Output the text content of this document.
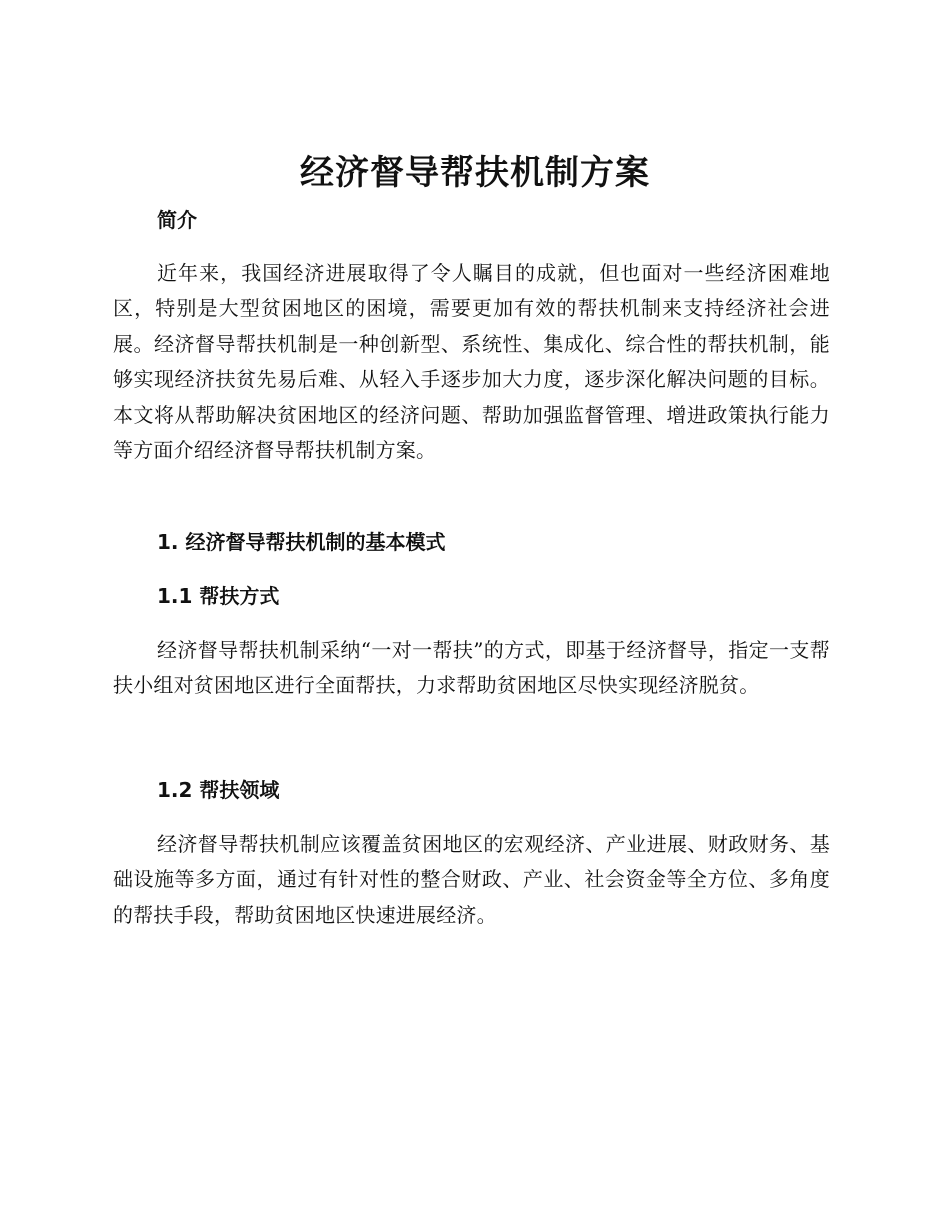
经济督导帮扶机制方案
简介

近年来，我国经济进展取得了令人瞩目的成就，但也面对一些经济困难地区，特别是大型贫困地区的困境，需要更加有效的帮扶机制来支持经济社会进展。经济督导帮扶机制是一种创新型、系统性、集成化、综合性的帮扶机制，能够实现经济扶贫先易后难、从轻入手逐步加大力度，逐步深化解决问题的目标。本文将从帮助解决贫困地区的经济问题、帮助加强监督管理、增进政策执行能力等方面介绍经济督导帮扶机制方案。

1. 经济督导帮扶机制的基本模式
1.1 帮扶方式

经济督导帮扶机制采纳“一对一帮扶”的方式，即基于经济督导，指定一支帮扶小组对贫困地区进行全面帮扶，力求帮助贫困地区尽快实现经济脱贫。

1.2 帮扶领域

经济督导帮扶机制应该覆盖贫困地区的宏观经济、产业进展、财政财务、基础设施等多方面，通过有针对性的整合财政、产业、社会资金等全方位、多角度的帮扶手段，帮助贫困地区快速进展经济。
